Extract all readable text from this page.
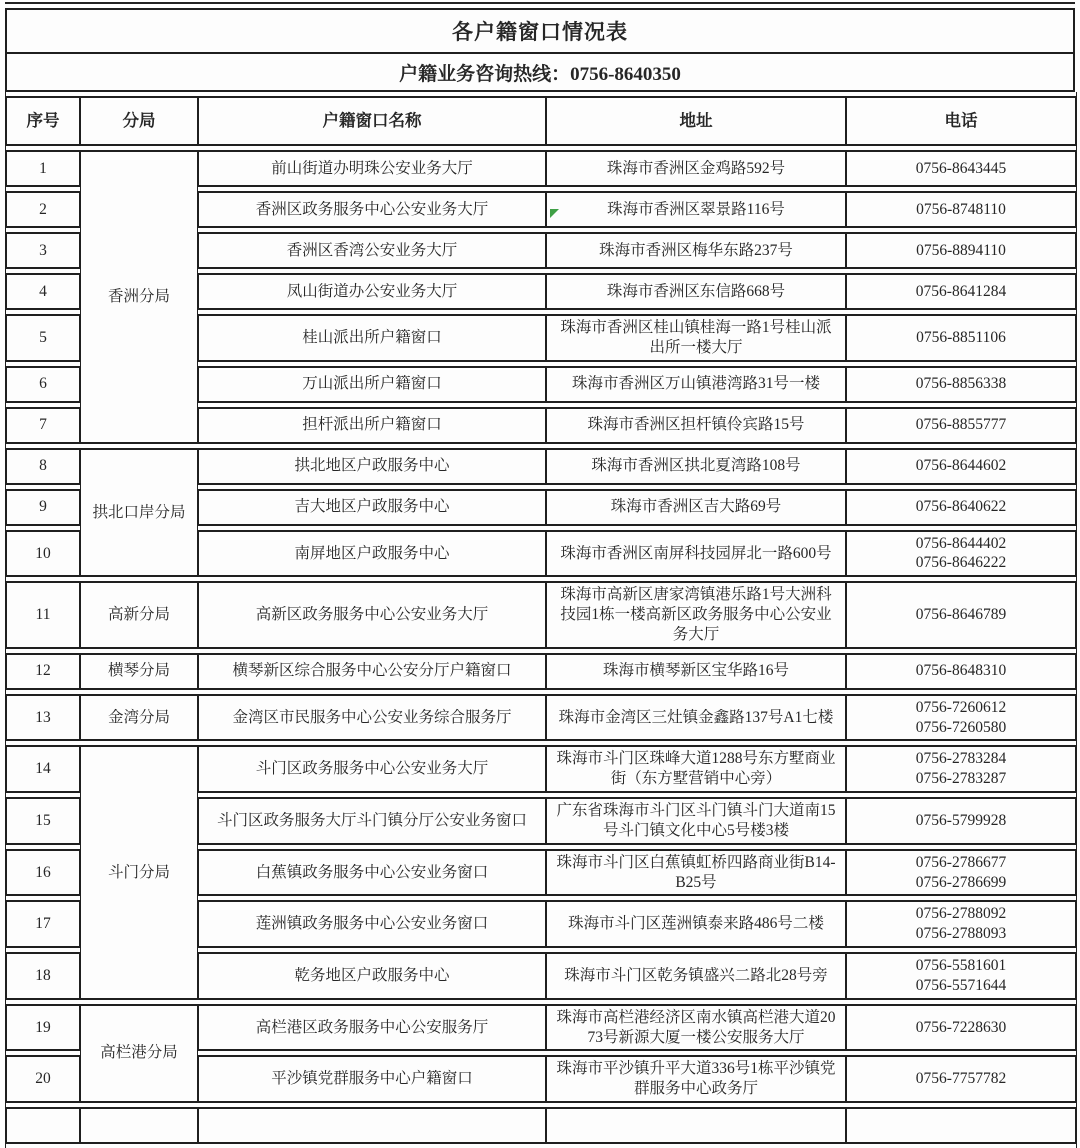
各户籍窗口情况表
户籍业务咨询热线：0756-8640350
序号	分局	户籍窗口名称	地址	电话
1	香洲分局	前山街道办明珠公安业务大厅	珠海市香洲区金鸡路592号	0756-8643445

2		香洲区政务服务中心公安业务大厅	珠海市香洲区翠景路116号	0756-8748110

3		香洲区香湾公安业务大厅	珠海市香洲区梅华东路237号	0756-8894110

4		凤山街道办公安业务大厅	珠海市香洲区东信路668号	0756-8641284

5		桂山派出所户籍窗口	珠海市香洲区桂山镇桂海一路1号桂山派出所一楼大厅	0756-8851106

6		万山派出所户籍窗口	珠海市香洲区万山镇港湾路31号一楼	0756-8856338

7		担杆派出所户籍窗口	珠海市香洲区担杆镇伶宾路15号	0756-8855777

8	拱北口岸分局	拱北地区户政服务中心	珠海市香洲区拱北夏湾路108号	0756-8644602

9		吉大地区户政服务中心	珠海市香洲区吉大路69号	0756-8640622

10		南屏地区户政服务中心	珠海市香洲区南屏科技园屏北一路600号	0756-8644402
0756-8646222

11	高新分局	高新区政务服务中心公安业务大厅	珠海市高新区唐家湾镇港乐路1号大洲科技园1栋一楼高新区政务服务中心公安业务大厅	0756-8646789

12	横琴分局	横琴新区综合服务中心公安分厅户籍窗口	珠海市横琴新区宝华路16号	0756-8648310

13	金湾分局	金湾区市民服务中心公安业务综合服务厅	珠海市金湾区三灶镇金鑫路137号A1七楼	0756-7260612
0756-7260580

14	斗门分局	斗门区政务服务中心公安业务大厅	珠海市斗门区珠峰大道1288号东方墅商业街（东方墅营销中心旁）	0756-2783284
0756-2783287

15		斗门区政务服务大厅斗门镇分厅公安业务窗口	广东省珠海市斗门区斗门镇斗门大道南15号斗门镇文化中心5号楼3楼	0756-5799928

16		白蕉镇政务服务中心公安业务窗口	珠海市斗门区白蕉镇虹桥四路商业街B14-B25号	0756-2786677
0756-2786699

17		莲洲镇政务服务中心公安业务窗口	珠海市斗门区莲洲镇泰来路486号二楼	0756-2788092
0756-2788093

18		乾务地区户政服务中心	珠海市斗门区乾务镇盛兴二路北28号旁	0756-5581601
0756-5571644

19	高栏港分局	高栏港区政务服务中心公安服务厅	珠海市高栏港经济区南水镇高栏港大道2073号新源大厦一楼公安服务大厅	0756-7228630

20		平沙镇党群服务中心户籍窗口	珠海市平沙镇升平大道336号1栋平沙镇党群服务中心政务厅	0756-7757782
